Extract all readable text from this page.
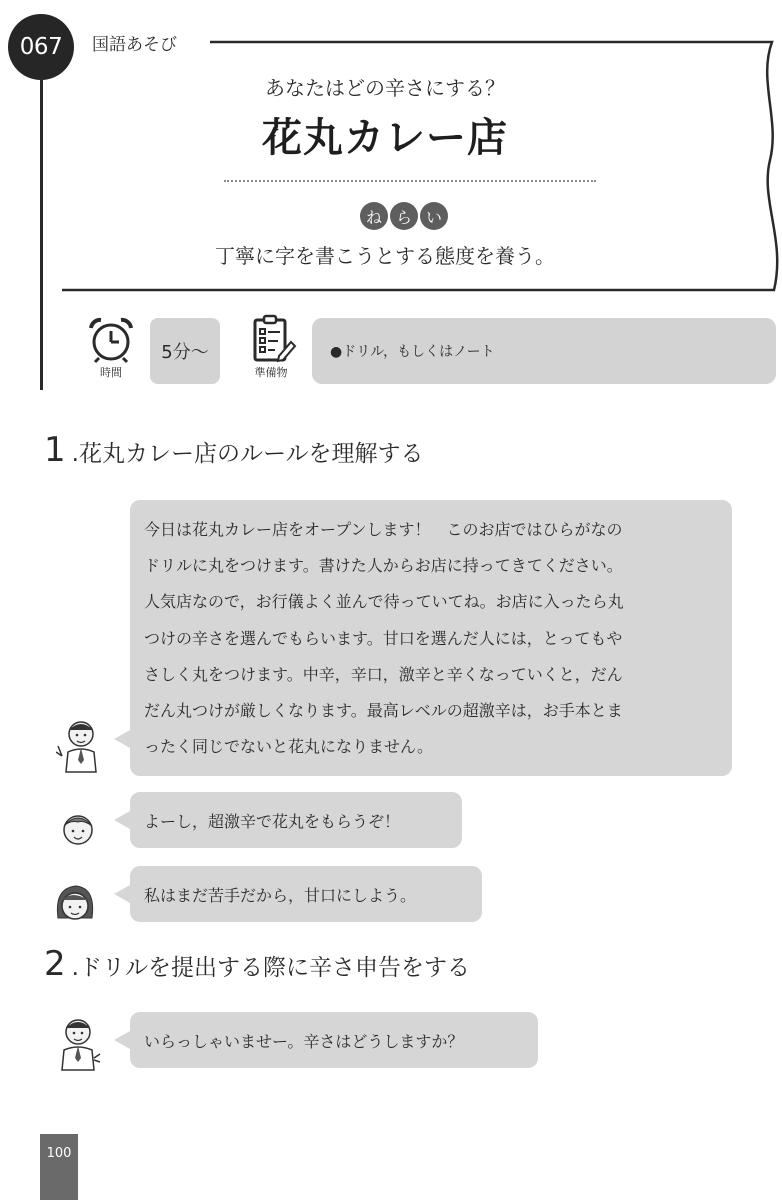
067 国語あそび
あなたはどの辛さにする？
花丸カレー店
ね ら い
丁寧に字を書こうとする態度を養う。
時間
5分～
準備物
●ドリル，もしくはノート
1 .花丸カレー店のルールを理解する
今日は花丸カレー店をオープンします！　このお店ではひらがなの
ドリルに丸をつけます。書けた人からお店に持ってきてください。
人気店なので，お行儀よく並んで待っていてね。お店に入ったら丸
つけの辛さを選んでもらいます。甘口を選んだ人には，とってもや
さしく丸をつけます。中辛，辛口，激辛と辛くなっていくと，だん
だん丸つけが厳しくなります。最高レベルの超激辛は，お手本とま
ったく同じでないと花丸になりません。
よーし，超激辛で花丸をもらうぞ！
私はまだ苦手だから，甘口にしよう。
2 .ドリルを提出する際に辛さ申告をする
いらっしゃいませー。辛さはどうしますか？
100
